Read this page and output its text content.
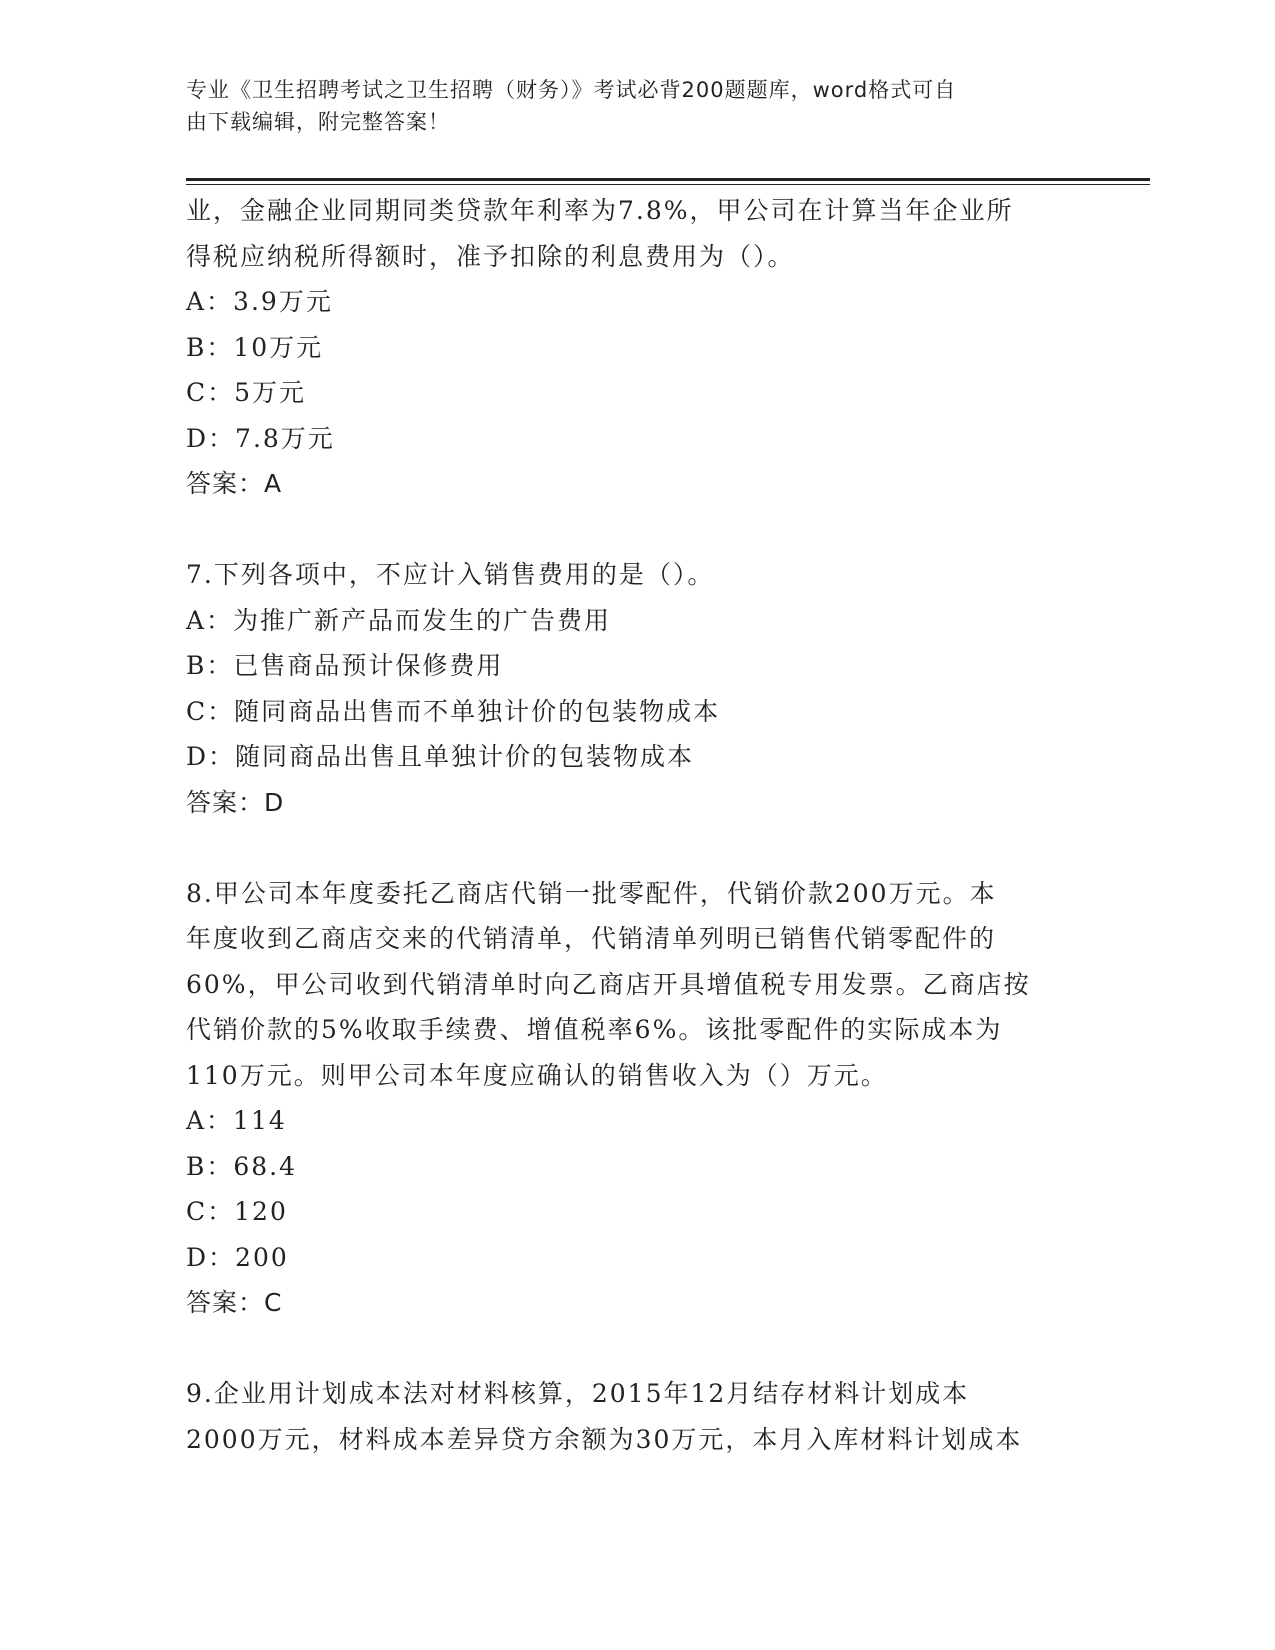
专业《卫生招聘考试之卫生招聘（财务）》考试必背200题题库，word格式可自
由下载编辑，附完整答案！
业，金融企业同期同类贷款年利率为7.8%，甲公司在计算当年企业所
得税应纳税所得额时，准予扣除的利息费用为（）。
A：3.9万元
B：10万元
C：5万元
D：7.8万元
答案：A
7.下列各项中，不应计入销售费用的是（）。
A：为推广新产品而发生的广告费用
B：已售商品预计保修费用
C：随同商品出售而不单独计价的包装物成本
D：随同商品出售且单独计价的包装物成本
答案：D
8.甲公司本年度委托乙商店代销一批零配件，代销价款200万元。本
年度收到乙商店交来的代销清单，代销清单列明已销售代销零配件的
60%，甲公司收到代销清单时向乙商店开具增值税专用发票。乙商店按
代销价款的5%收取手续费、增值税率6%。该批零配件的实际成本为
110万元。则甲公司本年度应确认的销售收入为（）万元。
A：114
B：68.4
C：120
D：200
答案：C
9.企业用计划成本法对材料核算，2015年12月结存材料计划成本
2000万元，材料成本差异贷方余额为30万元，本月入库材料计划成本
